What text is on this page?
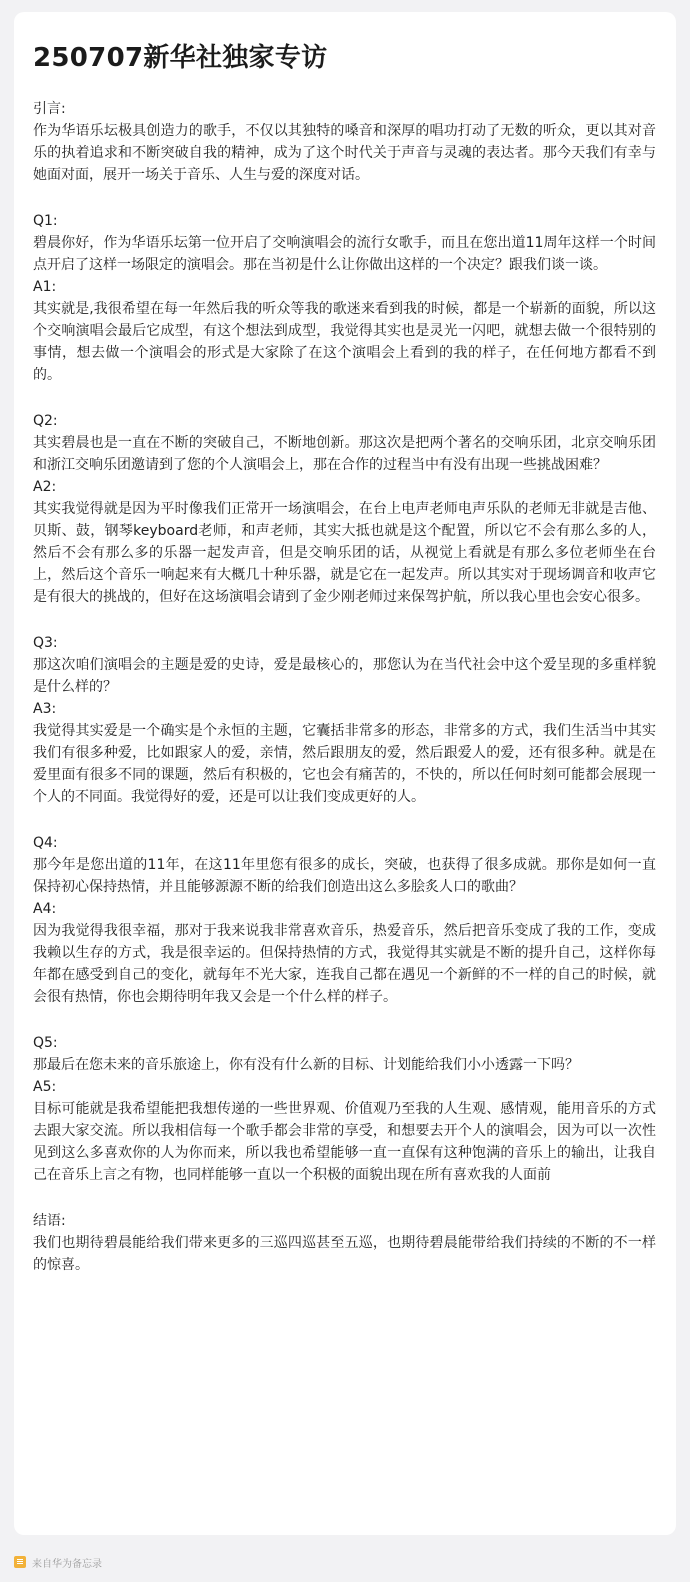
250707新华社独家专访

引言:

作为华语乐坛极具创造力的歌手，不仅以其独特的嗓音和深厚的唱功打动了无数的听众，更以其对音乐的执着追求和不断突破自我的精神，成为了这个时代关于声音与灵魂的表达者。那今天我们有幸与她面对面，展开一场关于音乐、人生与爱的深度对话。

Q1:

碧晨你好，作为华语乐坛第一位开启了交响演唱会的流行女歌手，而且在您出道11周年这样一个时间点开启了这样一场限定的演唱会。那在当初是什么让你做出这样的一个决定？跟我们谈一谈。

A1:

其实就是,我很希望在每一年然后我的听众等我的歌迷来看到我的时候，都是一个崭新的面貌，所以这个交响演唱会最后它成型，有这个想法到成型，我觉得其实也是灵光一闪吧，就想去做一个很特别的事情，想去做一个演唱会的形式是大家除了在这个演唱会上看到的我的样子，在任何地方都看不到的。

Q2:

其实碧晨也是一直在不断的突破自己，不断地创新。那这次是把两个著名的交响乐团，北京交响乐团和浙江交响乐团邀请到了您的个人演唱会上，那在合作的过程当中有没有出现一些挑战困难？

A2:

其实我觉得就是因为平时像我们正常开一场演唱会，在台上电声老师电声乐队的老师无非就是吉他、贝斯、鼓，钢琴keyboard老师，和声老师，其实大抵也就是这个配置，所以它不会有那么多的人，然后不会有那么多的乐器一起发声音，但是交响乐团的话，从视觉上看就是有那么多位老师坐在台上，然后这个音乐一响起来有大概几十种乐器，就是它在一起发声。所以其实对于现场调音和收声它是有很大的挑战的，但好在这场演唱会请到了金少刚老师过来保驾护航，所以我心里也会安心很多。

Q3:

那这次咱们演唱会的主题是爱的史诗，爱是最核心的，那您认为在当代社会中这个爱呈现的多重样貌是什么样的？

A3:

我觉得其实爱是一个确实是个永恒的主题，它囊括非常多的形态，非常多的方式，我们生活当中其实我们有很多种爱，比如跟家人的爱，亲情，然后跟朋友的爱，然后跟爱人的爱，还有很多种。就是在爱里面有很多不同的课题，然后有积极的，它也会有痛苦的，不快的，所以任何时刻可能都会展现一个人的不同面。我觉得好的爱，还是可以让我们变成更好的人。

Q4:

那今年是您出道的11年，在这11年里您有很多的成长，突破，也获得了很多成就。那你是如何一直保持初心保持热情，并且能够源源不断的给我们创造出这么多脍炙人口的歌曲？

A4:

因为我觉得我很幸福，那对于我来说我非常喜欢音乐，热爱音乐，然后把音乐变成了我的工作，变成我赖以生存的方式，我是很幸运的。但保持热情的方式，我觉得其实就是不断的提升自己，这样你每年都在感受到自己的变化，就每年不光大家，连我自己都在遇见一个新鲜的不一样的自己的时候，就会很有热情，你也会期待明年我又会是一个什么样的样子。

Q5:

那最后在您未来的音乐旅途上，你有没有什么新的目标、计划能给我们小小透露一下吗？

A5:

目标可能就是我希望能把我想传递的一些世界观、价值观乃至我的人生观、感情观，能用音乐的方式去跟大家交流。所以我相信每一个歌手都会非常的享受，和想要去开个人的演唱会，因为可以一次性见到这么多喜欢你的人为你而来，所以我也希望能够一直一直保有这种饱满的音乐上的输出，让我自己在音乐上言之有物，也同样能够一直以一个积极的面貌出现在所有喜欢我的人面前

结语:

我们也期待碧晨能给我们带来更多的三巡四巡甚至五巡，也期待碧晨能带给我们持续的不断的不一样的惊喜。

来自华为备忘录
